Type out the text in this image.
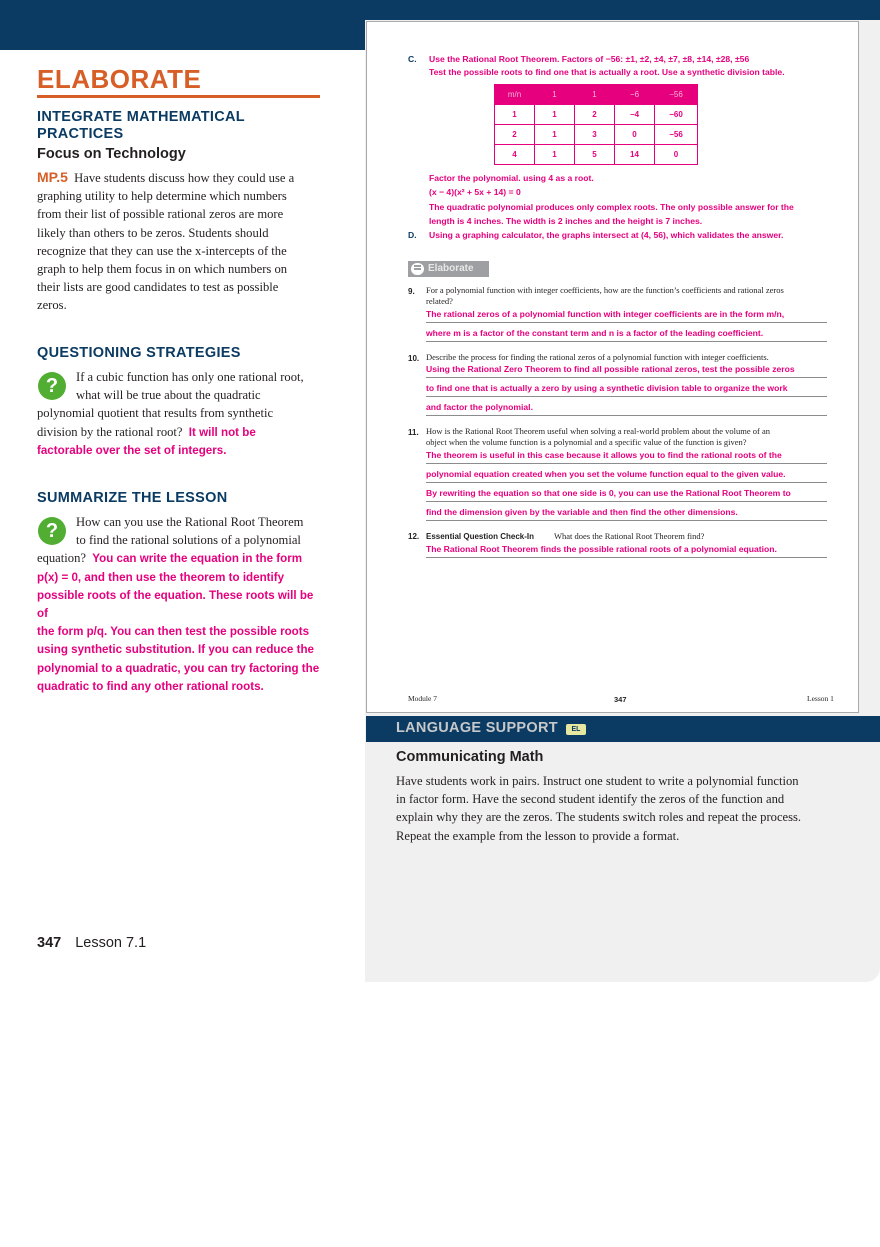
C. Use the Rational Root Theorem. Factors of −56: ±1, ±2, ±4, ±7, ±8, ±14, ±28, ±56
Test the possible roots to find one that is actually a root. Use a synthetic division table.
m/n	1	1	−6	−56
1	1	2	−4	−60
2	1	3	0	−56
4	1	5	14	0
Factor the polynomial. using 4 as a root.
(x − 4)(x² + 5x + 14) = 0
The quadratic polynomial produces only complex roots. The only possible answer for the
length is 4 inches. The width is 2 inches and the height is 7 inches.
D. Using a graphing calculator, the graphs intersect at (4, 56), which validates the answer.
Elaborate
9. For a polynomial function with integer coefficients, how are the function’s coefficients and rational zeros
related?
The rational zeros of a polynomial function with integer coefficients are in the form m/n,
where m is a factor of the constant term and n is a factor of the leading coefficient.
10. Describe the process for finding the rational zeros of a polynomial function with integer coefficients.
Using the Rational Zero Theorem to find all possible rational zeros, test the possible zeros
to find one that is actually a zero by using a synthetic division table to organize the work
and factor the polynomial.
11. How is the Rational Root Theorem useful when solving a real-world problem about the volume of an
object when the volume function is a polynomial and a specific value of the function is given?
The theorem is useful in this case because it allows you to find the rational roots of the
polynomial equation created when you set the volume function equal to the given value.
By rewriting the equation so that one side is 0, you can use the Rational Root Theorem to
find the dimension given by the variable and then find the other dimensions.
12. Essential Question Check-In What does the Rational Root Theorem find?
The Rational Root Theorem finds the possible rational roots of a polynomial equation.
Module 7	347	Lesson 1
LANGUAGE SUPPORT	EL
Communicating Math
Have students work in pairs. Instruct one student to write a polynomial function
in factor form. Have the second student identify the zeros of the function and
explain why they are the zeros. The students switch roles and repeat the process.
Repeat the example from the lesson to provide a format.
ELABORATE
INTEGRATE MATHEMATICAL
PRACTICES
Focus on Technology
MP.5 Have students discuss how they could use a
graphing utility to help determine which numbers
from their list of possible rational zeros are more
likely than others to be zeros. Students should
recognize that they can use the x-intercepts of the
graph to help them focus in on which numbers on
their lists are good candidates to test as possible
zeros.
QUESTIONING STRATEGIES
?	If a cubic function has only one rational root,
what will be true about the quadratic
polynomial quotient that results from synthetic
division by the rational root? It will not be
factorable over the set of integers.
SUMMARIZE THE LESSON
?	How can you use the Rational Root Theorem
to find the rational solutions of a polynomial
equation? You can write the equation in the form
p(x) = 0, and then use the theorem to identify
possible roots of the equation. These roots will be of
the form p/q. You can then test the possible roots
using synthetic substitution. If you can reduce the
polynomial to a quadratic, you can try factoring the
quadratic to find any other rational roots.
347 Lesson 7.1
